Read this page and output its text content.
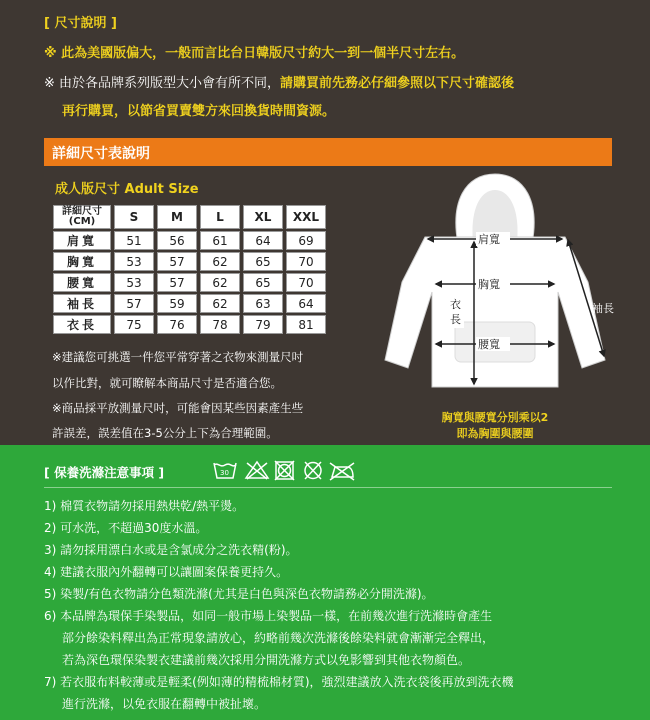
[ 尺寸說明 ]
※ 此為美國版偏大，一般而言比台日韓版尺寸約大一到一個半尺寸左右。
※ 由於各品牌系列版型大小會有所不同，請購買前先務必仔細參照以下尺寸確認後
再行購買，以節省買賣雙方來回換貨時間資源。
詳細尺寸表說明
成人版尺寸 Adult Size
詳細尺寸
(CM)	S	M	L	XL	XXL
肩寬	51	56	61	64	69
胸寬	53	57	62	65	70
腰寬	53	57	62	65	70
袖長	57	59	62	63	64
衣長	75	76	78	79	81
※建議您可挑選一件您平常穿著之衣物來測量尺吋
以作比對，就可瞭解本商品尺寸是否適合您。
※商品採平放測量尺吋，可能會因某些因素產生些
許誤差，誤差值在3-5公分上下為合理範圍。
肩寬
胸寬
腰寬
衣
長
袖長
胸寬與腰寬分別乘以2
即為胸圍與腰圍
[ 保養洗滌注意事項 ]	30
1) 棉質衣物請勿採用熱烘乾/熱平燙。
2) 可水洗，不超過30度水溫。
3) 請勿採用漂白水或是含氯成分之洗衣精(粉)。
4) 建議衣服內外翻轉可以讓圖案保養更持久。
5) 染製/有色衣物請分色類洗滌(尤其是白色與深色衣物請務必分開洗滌)。
6) 本品牌為環保手染製品，如同一般市場上染製品一樣，在前幾次進行洗滌時會產生
部分餘染料釋出為正常現象請放心，約略前幾次洗滌後餘染料就會漸漸完全釋出，
若為深色環保染製衣建議前幾次採用分開洗滌方式以免影響到其他衣物顏色。
7) 若衣服布料較薄或是輕柔(例如薄的精梳棉材質)，強烈建議放入洗衣袋後再放到洗衣機
進行洗滌，以免衣服在翻轉中被扯壞。
